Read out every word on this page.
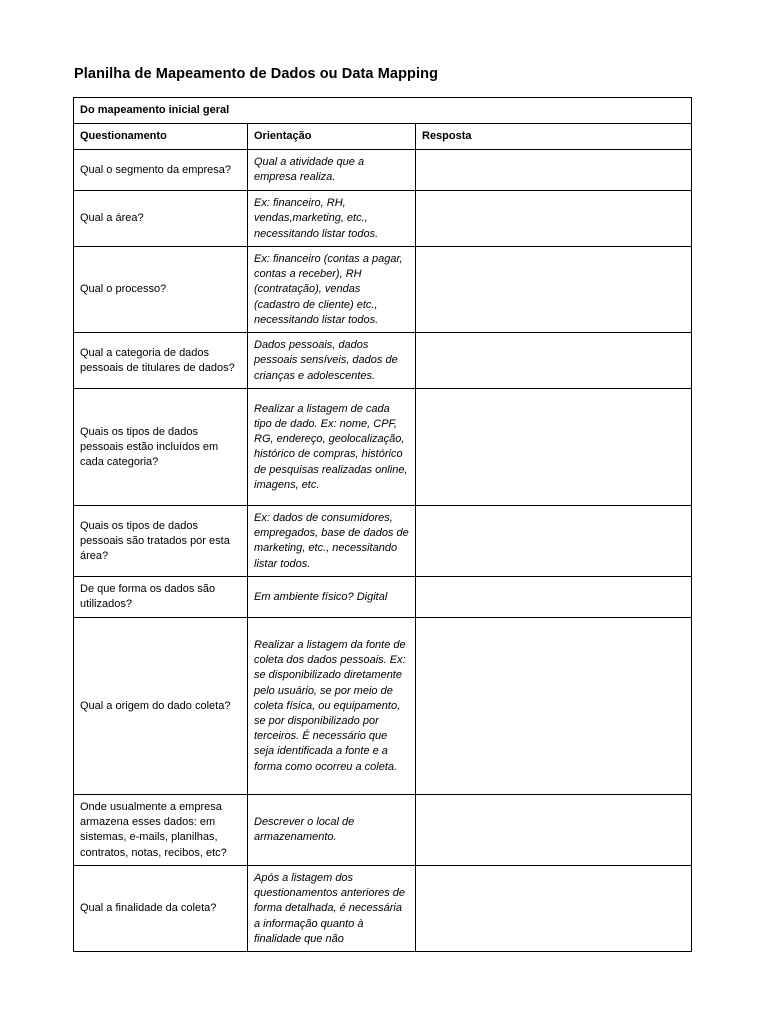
Planilha de Mapeamento de Dados ou Data Mapping
Do mapeamento inicial geral		
Questionamento	Orientação	Resposta
Qual o segmento da empresa?	Qual a atividade que a empresa realiza.	
Qual a área?	Ex: financeiro, RH, vendas,marketing, etc., necessitando listar todos.	
Qual o processo?	Ex: financeiro (contas a pagar, contas a receber), RH (contratação), vendas (cadastro de cliente) etc., necessitando listar todos.	
Qual a categoria de dados pessoais de titulares de dados?	Dados pessoais, dados pessoais sensíveis, dados de crianças e adolescentes.	
Quais os tipos de dados pessoais estão incluídos em cada categoria?	Realizar a listagem de cada tipo de dado. Ex: nome, CPF, RG, endereço, geolocalização, histórico de compras, histórico de pesquisas realizadas online, imagens, etc.	
Quais os tipos de dados pessoais são tratados por esta área?	Ex: dados de consumidores, empregados, base de dados de marketing, etc., necessitando listar todos.	
De que forma os dados são utilizados?	Em ambiente físico? Digital	
Qual a origem do dado coleta?	Realizar a listagem da fonte de coleta dos dados pessoais. Ex: se disponibilizado diretamente pelo usuário, se por meio de coleta física, ou equipamento, se por disponibilizado por terceiros. É necessário que seja identificada a fonte e a forma como ocorreu a coleta.	
Onde usualmente a empresa armazena esses dados: em sistemas, e-mails, planilhas, contratos, notas, recibos, etc?	Descrever o local de armazenamento.	
Qual a finalidade da coleta?	Após a listagem dos questionamentos anteriores de forma detalhada, é necessária a informação quanto à finalidade que não	
